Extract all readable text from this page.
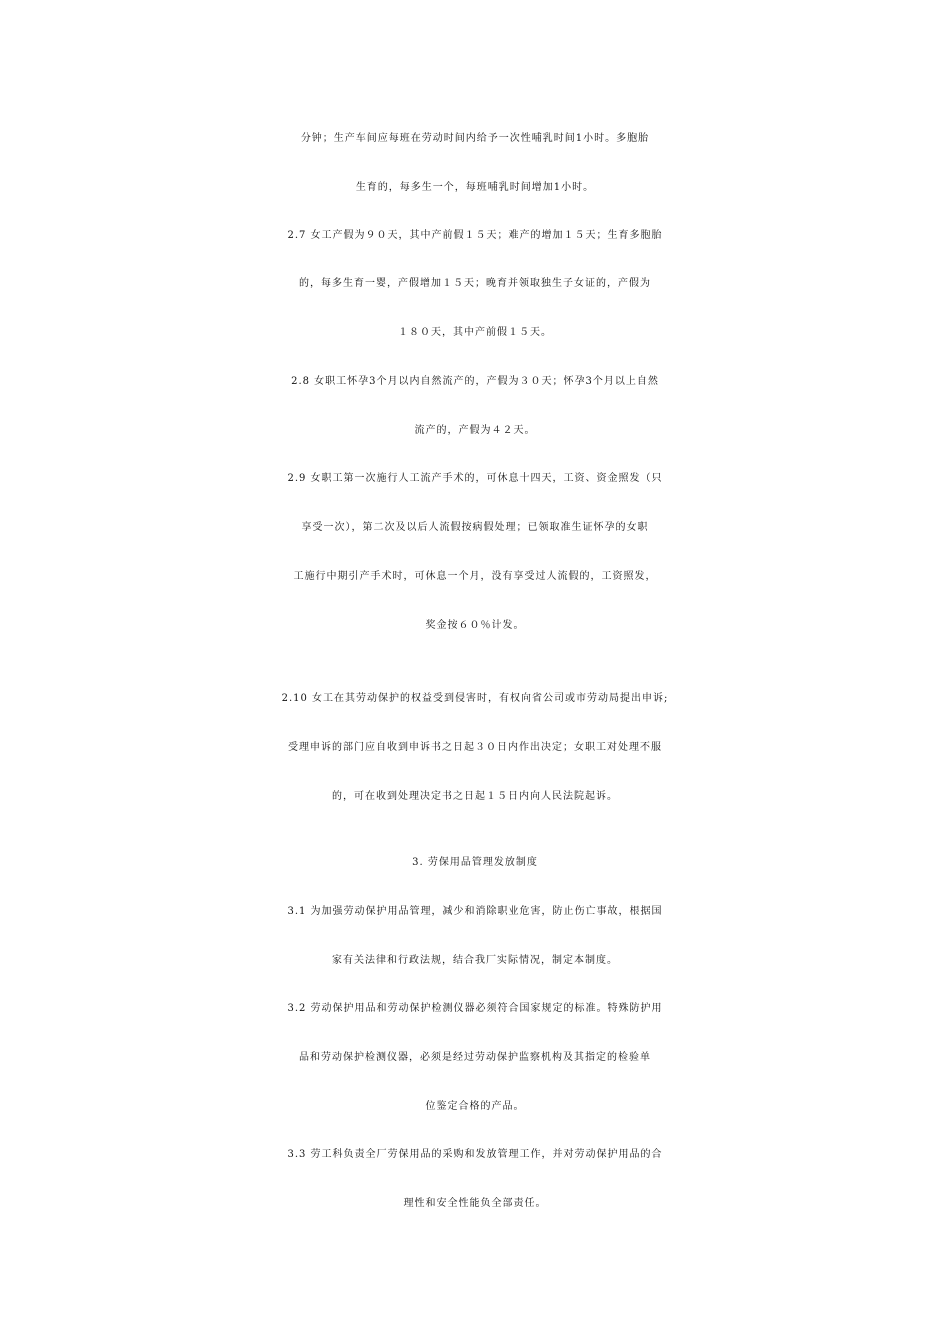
分钟；生产车间应每班在劳动时间内给予一次性哺乳时间1小时。多胞胎
生育的，每多生一个，每班哺乳时间增加1小时。
2.7 女工产假为９０天，其中产前假１５天；难产的增加１５天；生育多胞胎
的，每多生育一婴，产假增加１５天；晚育并领取独生子女证的，产假为
１８０天，其中产前假１５天。
2.8 女职工怀孕3个月以内自然流产的，产假为３０天；怀孕3个月以上自然
流产的，产假为４２天。
2.9 女职工第一次施行人工流产手术的，可休息十四天，工资、资金照发（只
享受一次），第二次及以后人流假按病假处理；已领取准生证怀孕的女职
工施行中期引产手术时，可休息一个月，没有享受过人流假的，工资照发，
奖金按６０％计发。
2.10 女工在其劳动保护的权益受到侵害时，有权向省公司或市劳动局提出申诉;
受理申诉的部门应自收到申诉书之日起３０日内作出决定；女职工对处理不服
的，可在收到处理决定书之日起１５日内向人民法院起诉。
3. 劳保用品管理发放制度
3.1 为加强劳动保护用品管理，减少和消除职业危害，防止伤亡事故，根据国
家有关法律和行政法规，结合我厂实际情况，制定本制度。
3.2 劳动保护用品和劳动保护检测仪器必须符合国家规定的标准。特殊防护用
品和劳动保护检测仪器，必须是经过劳动保护监察机构及其指定的检验单
位鉴定合格的产品。
3.3 劳工科负责全厂劳保用品的采购和发放管理工作，并对劳动保护用品的合
理性和安全性能负全部责任。
